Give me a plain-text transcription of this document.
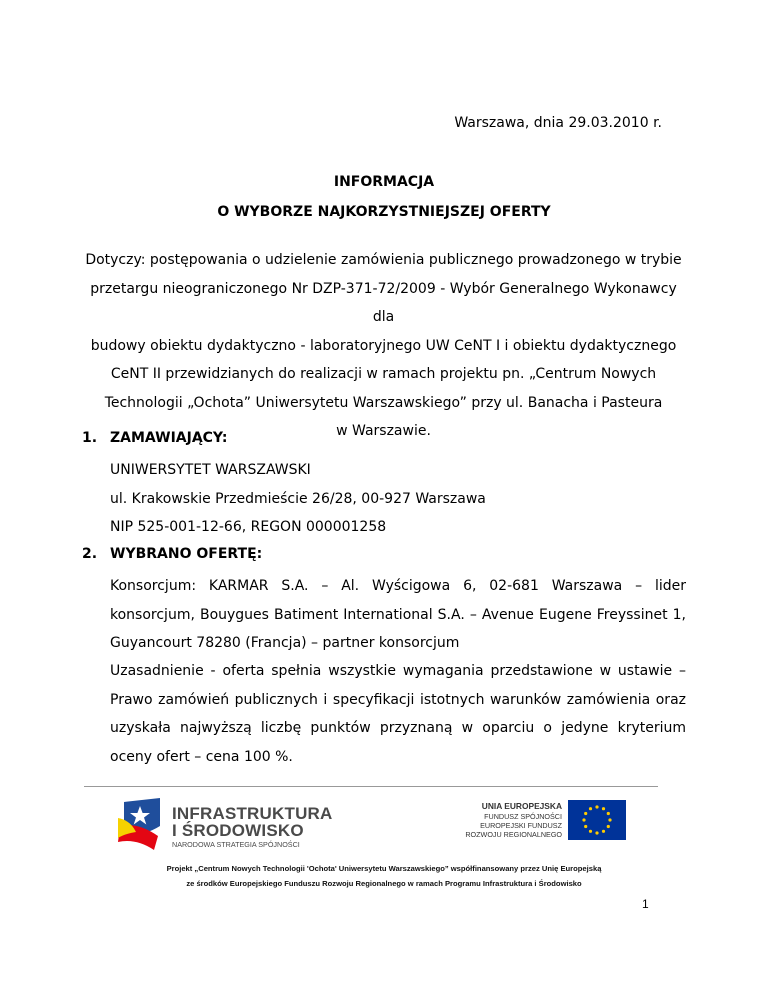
Warszawa, dnia 29.03.2010 r.
INFORMACJA
O WYBORZE NAJKORZYSTNIEJSZEJ OFERTY
Dotyczy: postępowania o udzielenie zamówienia publicznego prowadzonego w trybie
przetargu nieograniczonego Nr DZP-371-72/2009 - Wybór Generalnego Wykonawcy dla
budowy obiektu dydaktyczno - laboratoryjnego UW CeNT I i obiektu dydaktycznego
CeNT II przewidzianych do realizacji w ramach projektu pn. „Centrum Nowych
Technologii „Ochota” Uniwersytetu Warszawskiego” przy ul. Banacha i Pasteura
w Warszawie.
1. ZAMAWIAJĄCY:
UNIWERSYTET WARSZAWSKI
ul. Krakowskie Przedmieście 26/28, 00-927 Warszawa
NIP 525-001-12-66, REGON 000001258
2. WYBRANO OFERTĘ:
Konsorcjum: KARMAR S.A. – Al. Wyścigowa 6, 02-681 Warszawa – lider konsorcjum, Bouygues Batiment International S.A. – Avenue Eugene Freyssinet 1, Guyancourt 78280 (Francja) – partner konsorcjum
Uzasadnienie - oferta spełnia wszystkie wymagania przedstawione w ustawie – Prawo zamówień publicznych i specyfikacji istotnych warunków zamówienia oraz uzyskała najwyższą liczbę punktów przyznaną w oparciu o jedyne kryterium oceny ofert – cena 100 %.
INFRASTRUKTURA
I ŚRODOWISKO
NARODOWA STRATEGIA SPÓJNOŚCI
UNIA EUROPEJSKA
FUNDUSZ SPÓJNOŚCI
EUROPEJSKI FUNDUSZ
ROZWOJU REGIONALNEGO
Projekt „Centrum Nowych Technologii 'Ochota' Uniwersytetu Warszawskiego” współfinansowany przez Unię Europejską
ze środków Europejskiego Funduszu Rozwoju Regionalnego w ramach Programu Infrastruktura i Środowisko
1
